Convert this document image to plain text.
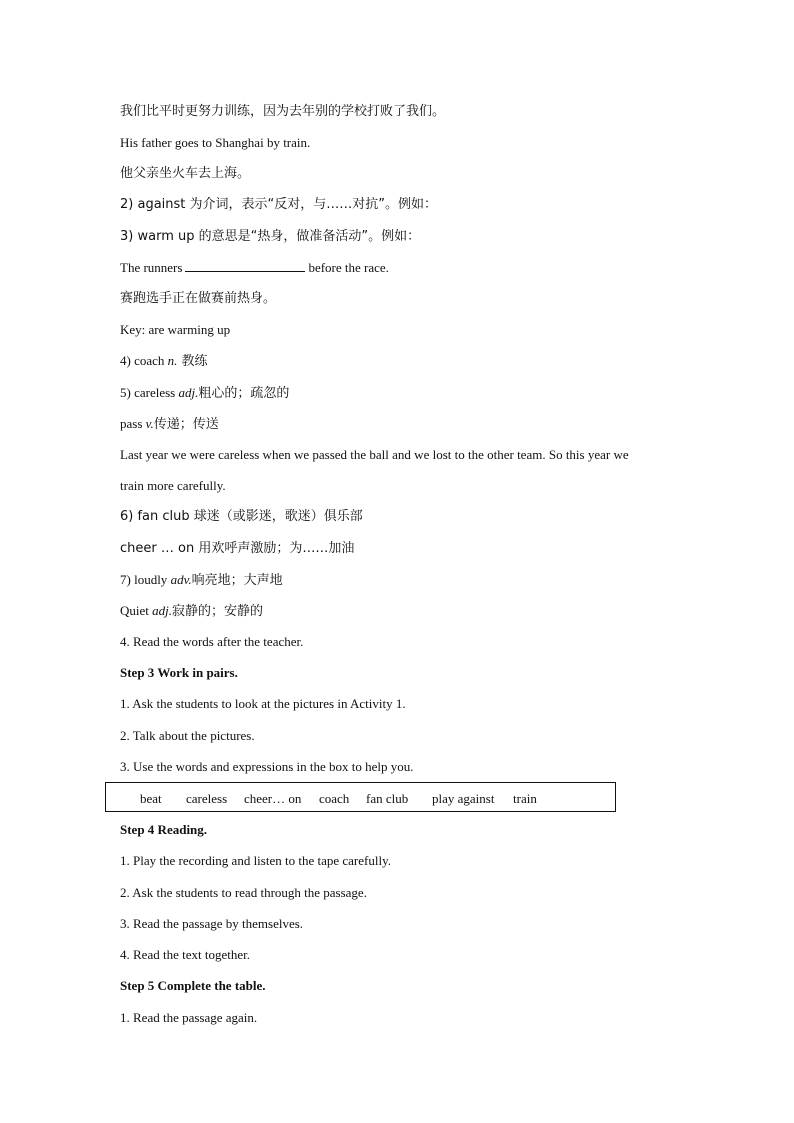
我们比平时更努力训练，因为去年别的学校打败了我们。
His father goes to Shanghai by train.
他父亲坐火车去上海。
2) against 为介词，表示“反对，与……对抗”。例如：
3) warm up 的意思是“热身，做准备活动”。例如：
The runners	before the race.
赛跑选手正在做赛前热身。
Key: are warming up
4) coach n. 教练
5) careless adj.粗心的；疏忽的
pass v.传递；传送
Last year we were careless when we passed the ball and we lost to the other team. So this year we
train more carefully.
6) fan club 球迷（或影迷，歌迷）俱乐部
cheer … on 用欢呼声激励；为……加油
7) loudly adv.响亮地；大声地
Quiet adj.寂静的；安静的
4. Read the words after the teacher.
Step 3 Work in pairs.
1. Ask the students to look at the pictures in Activity 1.
2. Talk about the pictures.
3. Use the words and expressions in the box to help you.
beat careless cheer… on coach fan club play against train
Step 4 Reading.
1. Play the recording and listen to the tape carefully.
2. Ask the students to read through the passage.
3. Read the passage by themselves.
4. Read the text together.
Step 5 Complete the table.
1. Read the passage again.
